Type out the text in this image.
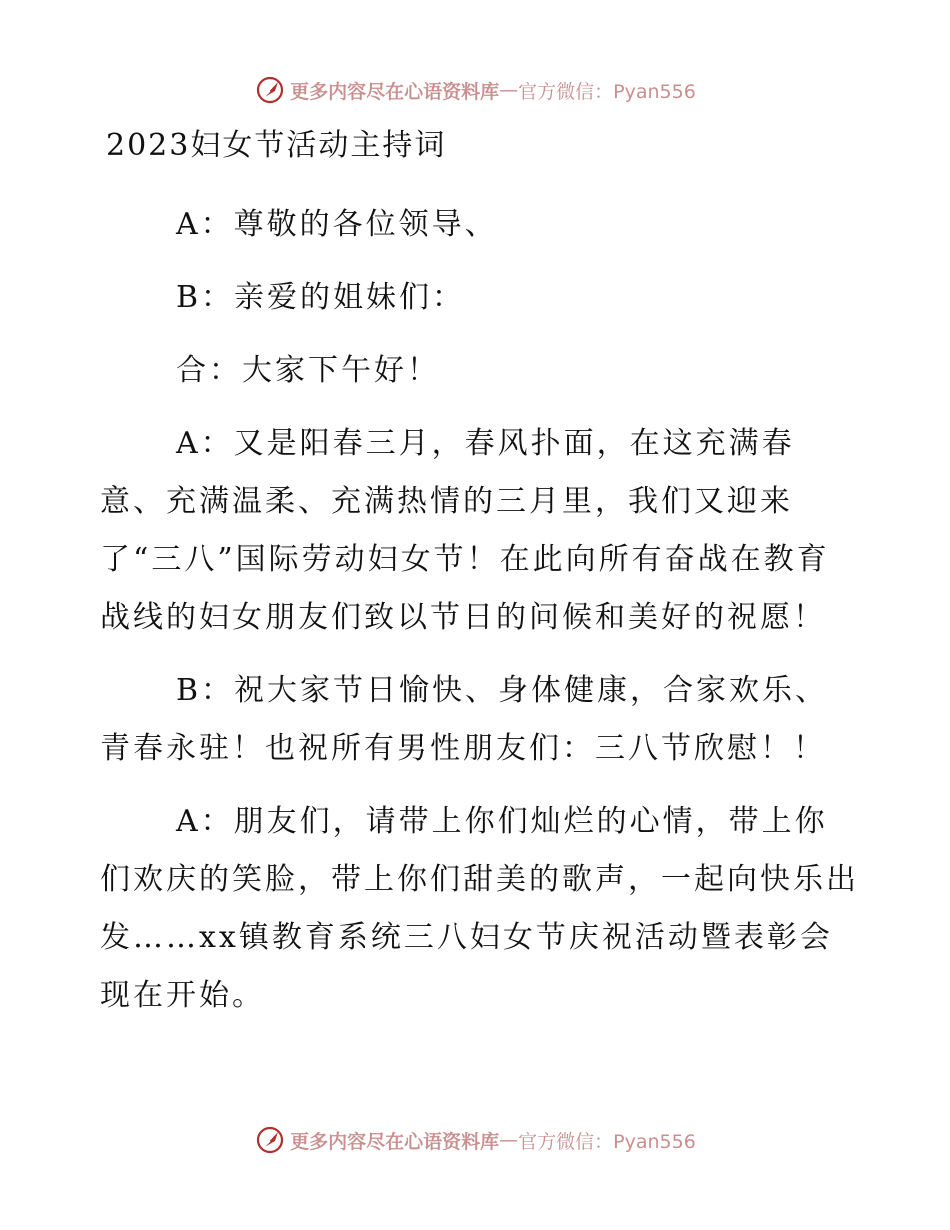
更多内容尽在心语资料库 — 官方微信：Pyan556
2023妇女节活动主持词

A：尊敬的各位领导、

B：亲爱的姐妹们：

合：大家下午好！

A：又是阳春三月，春风扑面，在这充满春意、充满温柔、充满热情的三月里，我们又迎来了“三八”国际劳动妇女节！在此向所有奋战在教育战线的妇女朋友们致以节日的问候和美好的祝愿！

B：祝大家节日愉快、身体健康，合家欢乐、青春永驻！也祝所有男性朋友们：三八节欣慰！！

A：朋友们，请带上你们灿烂的心情，带上你们欢庆的笑脸，带上你们甜美的歌声，一起向快乐出发……xx镇教育系统三八妇女节庆祝活动暨表彰会现在开始。

更多内容尽在心语资料库 — 官方微信：Pyan556
